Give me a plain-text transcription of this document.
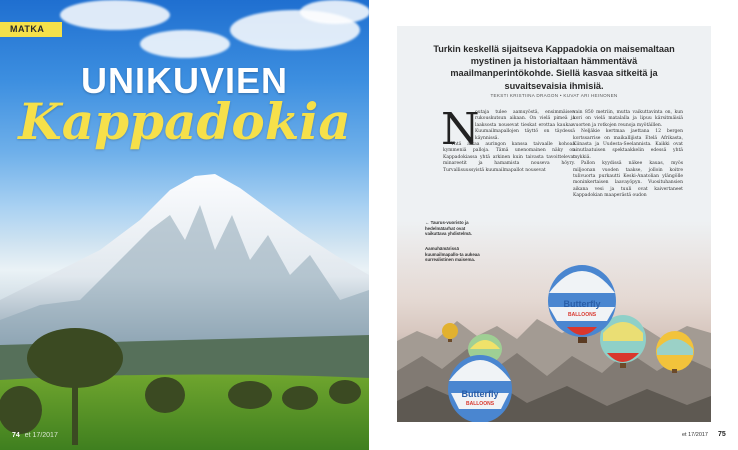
MATKA
UNIKUVIEN
Kappadokia
74 et 17/2017
Turkin keskellä sijaitseva Kappadokia on maisemaltaan mystinen ja historialtaan hämmentävä maailmanperintökohde. Siellä kasvaa sitkeitä ja suvaitsevaisia ihmisiä.
TEKSTI KRISTIINA DRAGON • KUVAT ARI HEINONEN
N
outaja tulee aamuyöstä, ensimmäisen rukouskutsun aikaan. On vielä pimeä ja laaksosta nousevat tieskat erottaa kaukaa. Kuumailmapallojen täyttö on täydessä käynnissä.
Yhtä aikaa auringon kanssa taivaalle kohoaa kymmeniä palloja. Tämä unenomainen näky on Kappadokiassa yhtä arkinen kuin taivasta tavoittelevat minareetit ja hamamista nouseva höyry. Turvallisuussyistä kuumailmapallot nousevat
vain 850 metriin, mutta vaikuttavinta on, kun kori on vielä matalalla ja lipuu kärsitmäisiä vuorten ja rotkojen reunoja myötäillen.
Neljäkie kertmaa jaettana 12 bergen kortssarrise on maikallijista Etelä Afrikasta, Kiinasta ja Uudesta-Seelannista. Kaikki ovat ainutlaatuisen spektaakkelin edessä yhtä mykkiä.
Pallon kyydissä näkee kauas, myös miljoonan vuoden taakse, jolloin koitre tulivuorta purkautti Keski-Anatolian ylängölle moninkertaisen laavayöpyn. Vuosituhansien aikana vesi ja tuuli ovat kaivertaneet Kappadokian maaperästä oudon
Butterfly
BALLOONS
Butterfly
BALLOONS
← Taurus-vuoristo ja hedelmätarhat ovat vaikuttava yhdistelmä.
Aamuhämärissä kuumailmapallo-ta aukeaa surrealistinen maisema.
et 17/2017 75
